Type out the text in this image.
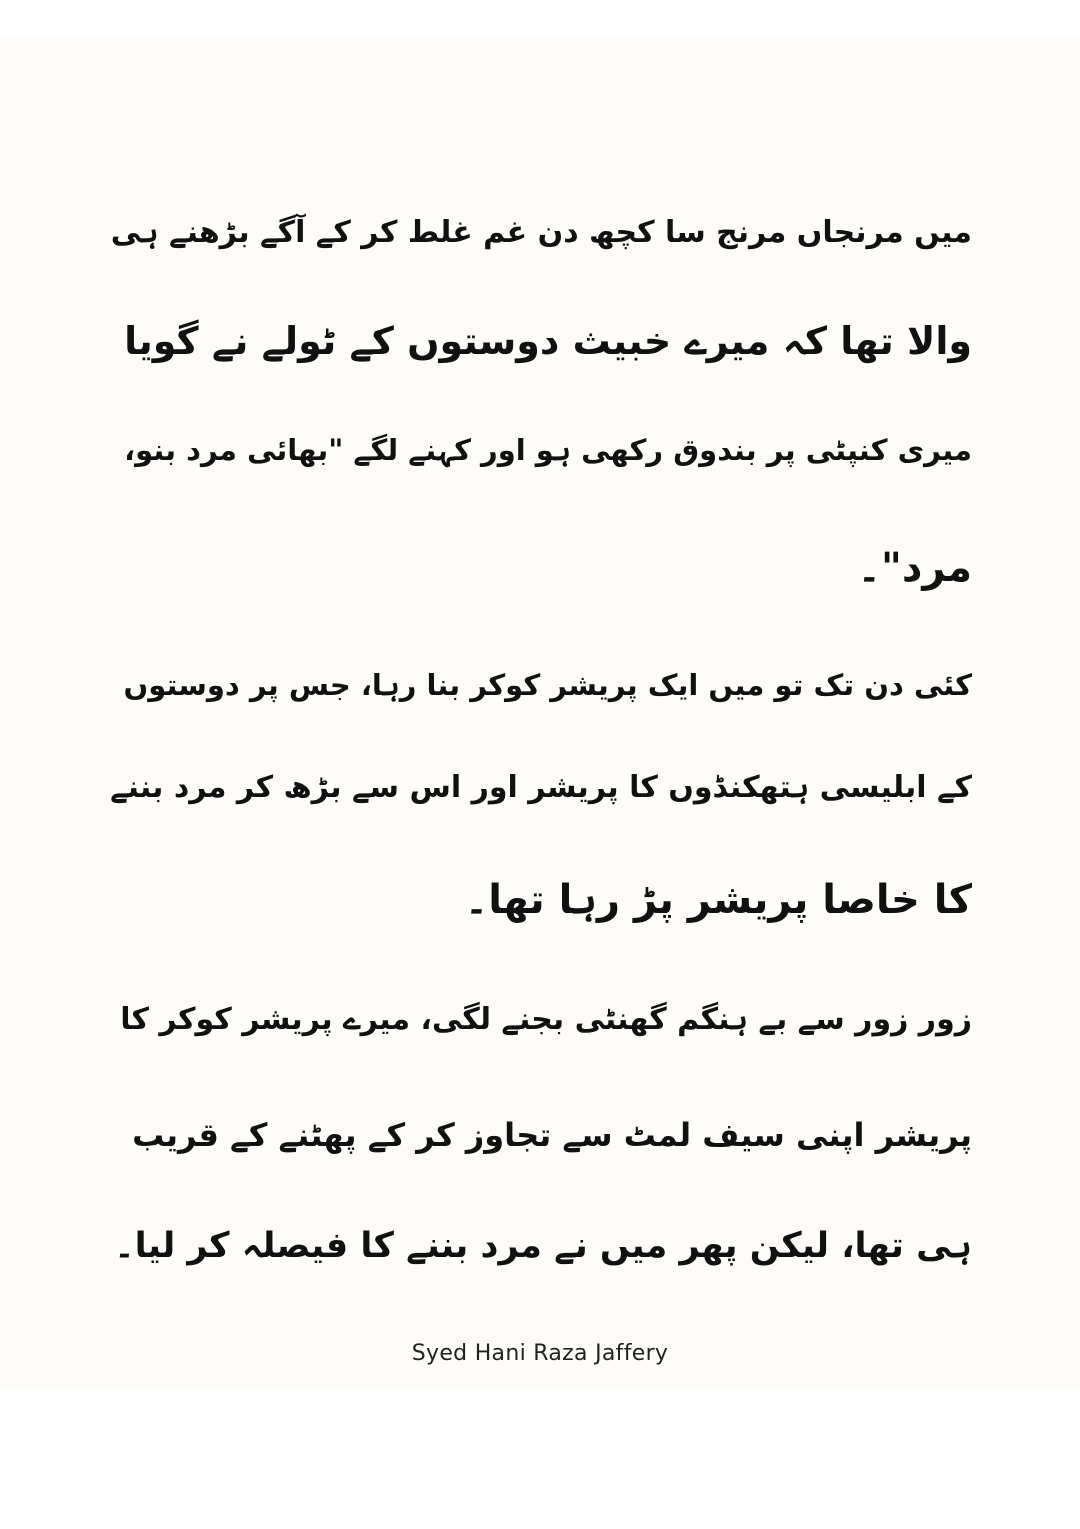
میں مرنجاں مرنج سا کچھ دن غم غلط کر کے آگے بڑھنے ہی
والا تھا کہ میرے خبیث دوستوں کے ٹولے نے گویا
میری کنپٹی پر بندوق رکھی ہو اور کہنے لگے "بھائی مرد بنو،
مرد"۔
کئی دن تک تو میں ایک پریشر کوکر بنا رہا، جس پر دوستوں
کے ابلیسی ہتھکنڈوں کا پریشر اور اس سے بڑھ کر مرد بننے
کا خاصا پریشر پڑ رہا تھا۔
زور زور سے بے ہنگم گھنٹی بجنے لگی، میرے پریشر کوکر کا
پریشر اپنی سیف لمٹ سے تجاوز کر کے پھٹنے کے قریب
ہی تھا، لیکن پھر میں نے مرد بننے کا فیصلہ کر لیا۔
Syed Hani Raza Jaffery
